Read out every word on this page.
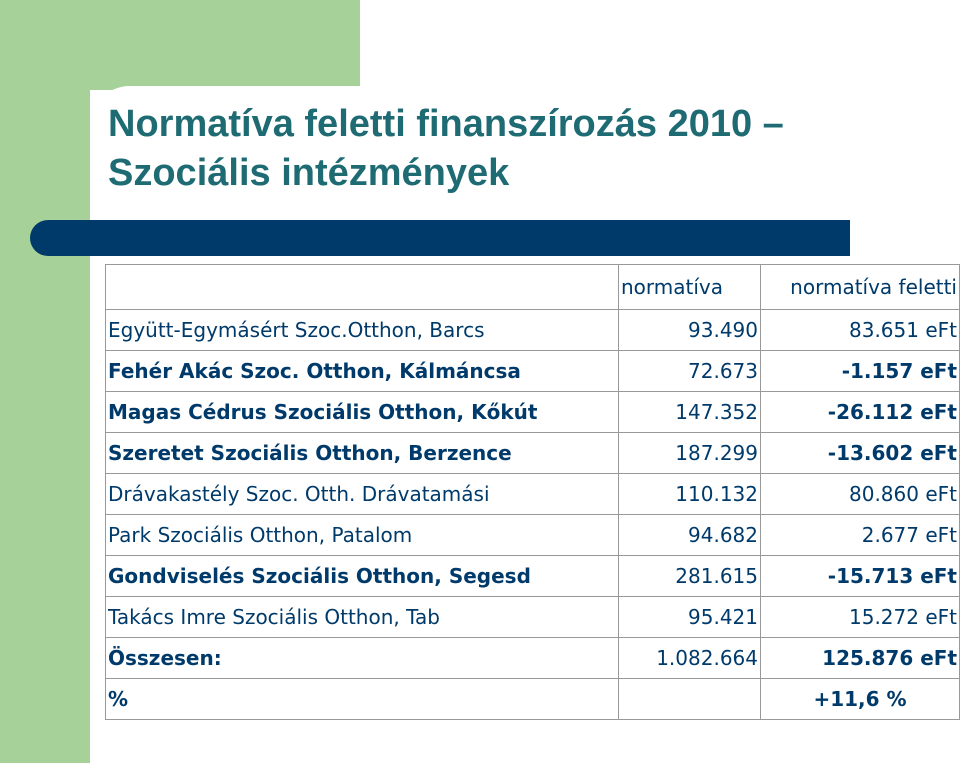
Normatíva feletti finanszírozás 2010 –
Szociális intézmények
	normatíva	normatíva feletti
Együtt-Egymásért Szoc.Otthon, Barcs	93.490	83.651 eFt
Fehér Akác Szoc. Otthon, Kálmáncsa	72.673	-1.157 eFt
Magas Cédrus Szociális Otthon, Kőkút	147.352	-26.112 eFt
Szeretet Szociális Otthon, Berzence	187.299	-13.602 eFt
Drávakastély Szoc. Otth. Drávatamási	110.132	80.860 eFt
Park Szociális Otthon, Patalom	94.682	2.677 eFt
Gondviselés Szociális Otthon, Segesd	281.615	-15.713 eFt
Takács Imre Szociális Otthon, Tab	95.421	15.272 eFt
Összesen:	1.082.664	125.876 eFt
%		+11,6 %
